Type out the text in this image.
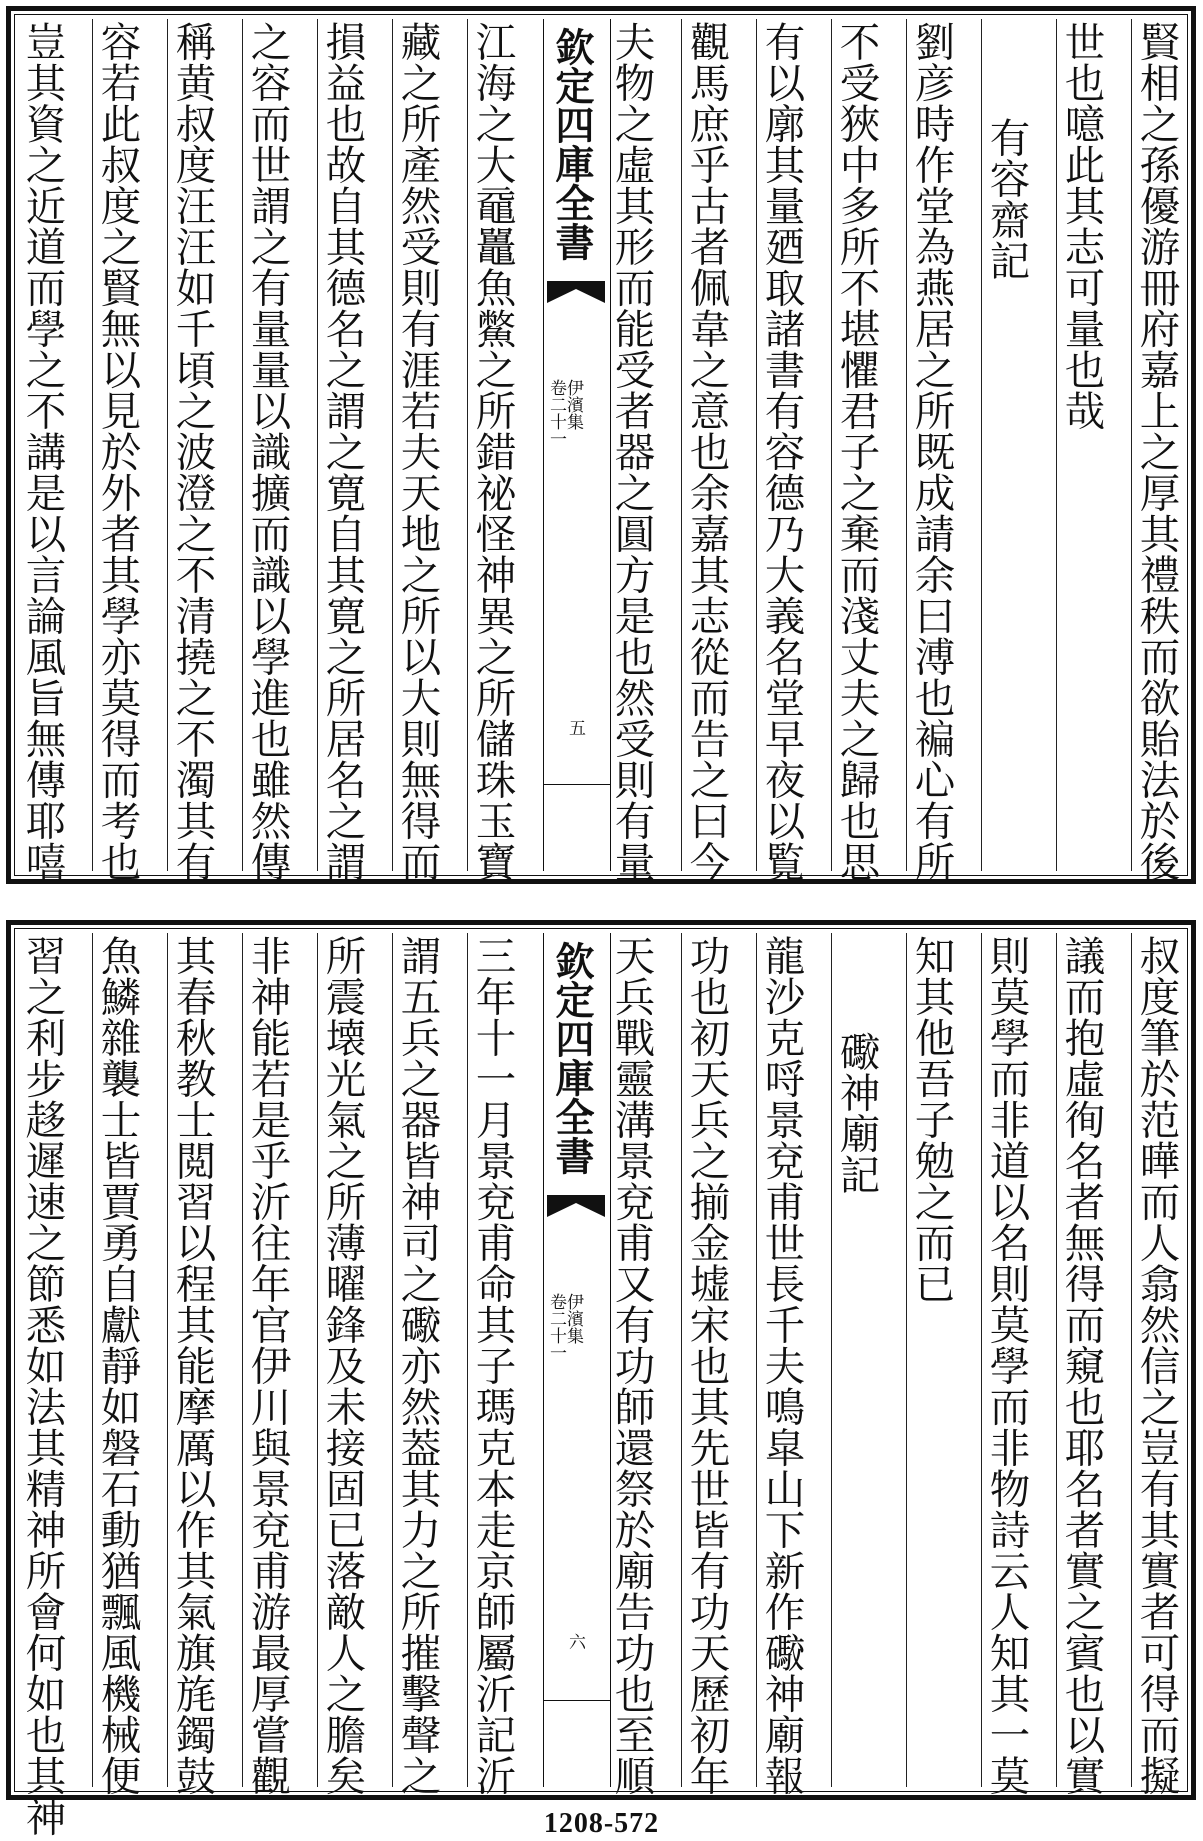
賢相之孫優游冊府嘉上之厚其禮秩而欲貽法於後
世也噫此其志可量也哉
有容齋記
劉彦時作堂為燕居之所既成請余曰溥也褊心有所
不受狹中多所不堪懼君子之棄而淺丈夫之歸也思
有以廓其量廼取諸書有容德乃大義名堂早夜以覧
觀馬庶乎古者佩韋之意也余嘉其志從而告之曰今
夫物之虛其形而能受者器之圓方是也然受則有量
欽定四庫全書
伊濱集
卷二十一
五
江海之大黿鼉魚鱉之所錯祕怪神異之所儲珠玉寶
藏之所產然受則有涯若夫天地之所以大則無得而
損益也故自其德名之謂之寛自其寛之所居名之謂
之容而世謂之有量量以識擴而識以學進也雖然傳
稱黄叔度汪汪如千頃之波澄之不清撓之不濁其有
容若此叔度之賢無以見於外者其學亦莫得而考也
豈其資之近道而學之不講是以言論風旨無傳耶嘻
叔度筆於范曄而人翕然信之豈有其實者可得而擬
議而抱虛徇名者無得而窺也耶名者實之賓也以實
則莫學而非道以名則莫學而非物詩云人知其一莫
知其他吾子勉之而已
礮神廟記
龍沙克哷景兗甫世長千夫鳴皐山下新作礮神廟報
功也初天兵之揃金墟宋也其先世皆有功天歷初年
天兵戰靈溝景兗甫又有功師還祭於廟告功也至順
欽定四庫全書
伊濱集
卷二十一
六
三年十一月景兗甫命其子瑪克本走京師屬沂記沂
謂五兵之器皆神司之礮亦然葢其力之所摧擊聲之
所震壊光氣之所薄曜鋒及未接固已落敵人之膽矣
非神能若是乎沂往年官伊川與景兗甫游最厚嘗觀
其春秋教士閲習以程其能摩厲以作其氣旗旄鐲鼓
魚鱗雜襲士皆賈勇自獻靜如磐石動猶飄風機械便
習之利步趍遲速之節悉如法其精神所會何如也其神	1208-572
